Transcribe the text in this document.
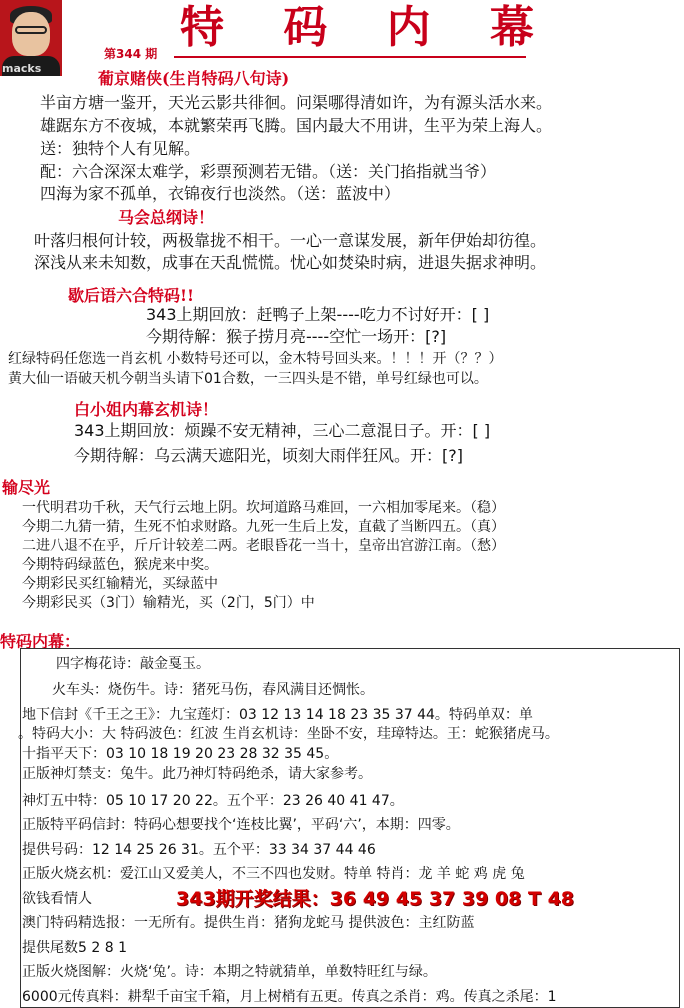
macks
特 码 内 幕
第344 期
葡京赌侠(生肖特码八句诗)
半亩方塘一鉴开，天光云影共徘徊。问渠哪得清如许，为有源头活水来。
雄踞东方不夜城，本就繁荣再飞腾。国内最大不用讲，生平为荣上海人。
送：独特个人有见解。
配：六合深深太难学，彩票预测若无错。（送：关门掐指就当爷）
四海为家不孤单，衣锦夜行也淡然。（送：蓝波中）
马会总纲诗！
叶落归根何计较，两极靠拢不相干。一心一意谋发展，新年伊始却彷徨。
深浅从来未知数，成事在天乱慌慌。忧心如焚染时病，进退失据求神明。
歇后语六合特码!!
343上期回放：赶鸭子上架----吃力不讨好开：[ ]
今期待解：猴子捞月亮----空忙一场开：[?]
红绿特码任您选一肖玄机 小数特号还可以，金木特号回头来。！！！开（？？）
黄大仙一语破天机今朝当头请下01合数，一三四头是不错，单号红绿也可以。
白小姐内幕玄机诗！
343上期回放：烦躁不安无精神，三心二意混日子。开：[ ]
今期待解：乌云满天遮阳光，顷刻大雨伴狂风。开：[?]
输尽光
一代明君功千秋，天气行云地上阴。坎坷道路马难回，一六相加零尾来。（稳）
今期二九猜一猜，生死不怕求财路。九死一生后上发，直截了当断四五。（真）
二进八退不在乎，斤斤计较差二两。老眼昏花一当十，皇帝出宫游江南。（愁）
今期特码绿蓝色，猴虎来中奖。
今期彩民买红输精光，买绿蓝中
今期彩民买（3门）输精光，买（2门，5门）中
特码内幕：
四字梅花诗：敲金戛玉。
火车头：烧伤牛。诗：猪死马伤，春风满目还惆怅。
地下信封《千王之王》：九宝莲灯：03 12 13 14 18 23 35 37 44。特码单双：单
。特码大小：大 特码波色：红波 生肖玄机诗：坐卧不安，珪璋特达。王：蛇猴猪虎马。
十指平天下：03 10 18 19 20 23 28 32 35 45。
正版神灯禁支：兔牛。此乃神灯特码绝杀，请大家参考。
神灯五中特：05 10 17 20 22。五个平：23 26 40 41 47。
正版特平码信封：特码心想要找个‘连枝比翼’，平码‘六’，本期：四零。
提供号码：12 14 25 26 31。五个平：33 34 37 44 46
正版火烧玄机：爱江山又爱美人，不三不四也发财。特单 特肖：龙 羊 蛇 鸡 虎 兔
欲钱看情人	343期开奖结果：36 49 45 37 39 08 T 48
澳门特码精选报：一无所有。提供生肖：猪狗龙蛇马 提供波色：主红防蓝
提供尾数5 2 8 1
正版火烧图解：火烧‘兔’。诗：本期之特就猜单，单数特旺红与绿。
6000元传真料：耕犁千亩宝千箱，月上树梢有五更。传真之杀肖：鸡。传真之杀尾：1
